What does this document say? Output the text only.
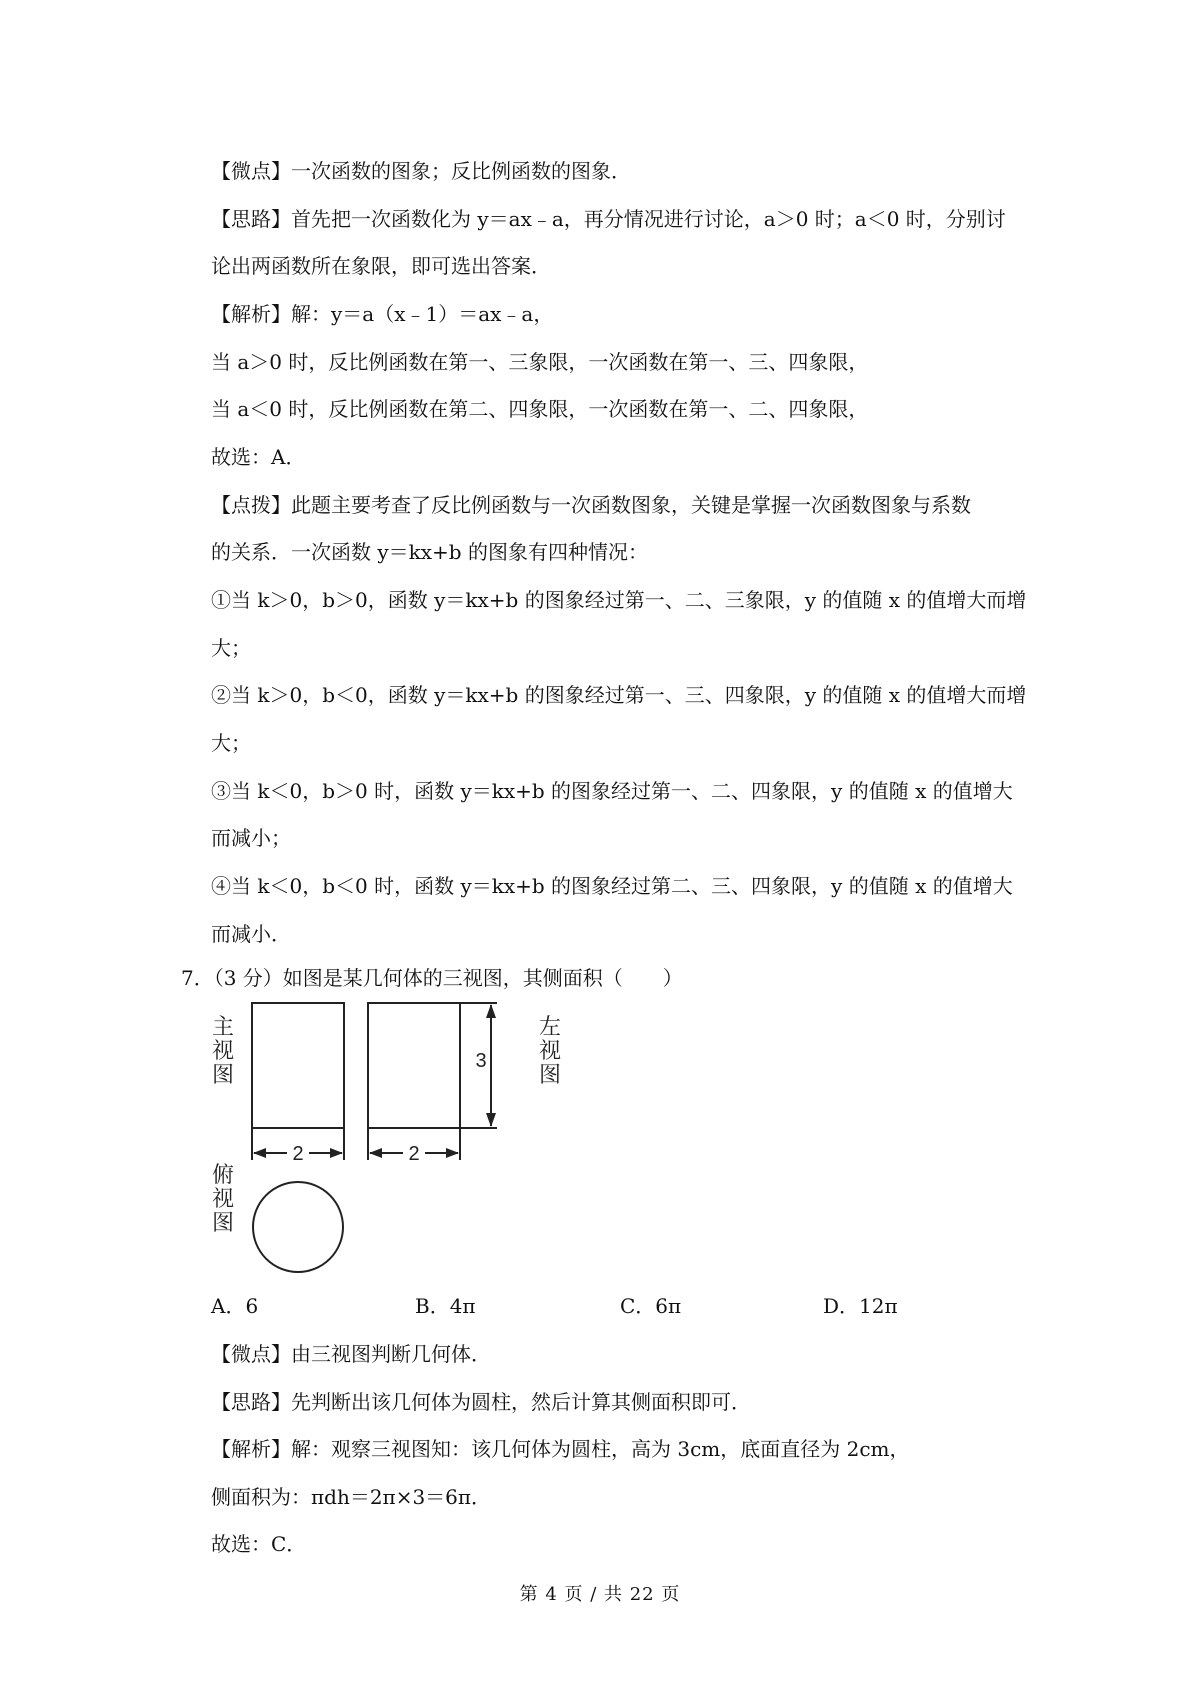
【微点】一次函数的图象；反比例函数的图象．
【思路】首先把一次函数化为 y＝ax﹣a，再分情况进行讨论，a＞0 时；a＜0 时，分别讨
论出两函数所在象限，即可选出答案．
【解析】解：y＝a（x﹣1）＝ax﹣a，
当 a＞0 时，反比例函数在第一、三象限，一次函数在第一、三、四象限，
当 a＜0 时，反比例函数在第二、四象限，一次函数在第一、二、四象限，
故选：A．
【点拨】此题主要考查了反比例函数与一次函数图象，关键是掌握一次函数图象与系数
的关系．一次函数 y＝kx+b 的图象有四种情况：
①当 k＞0，b＞0，函数 y＝kx+b 的图象经过第一、二、三象限，y 的值随 x 的值增大而增
大；
②当 k＞0，b＜0，函数 y＝kx+b 的图象经过第一、三、四象限，y 的值随 x 的值增大而增
大；
③当 k＜0，b＞0 时，函数 y＝kx+b 的图象经过第一、二、四象限，y 的值随 x 的值增大
而减小；
④当 k＜0，b＜0 时，函数 y＝kx+b 的图象经过第二、三、四象限，y 的值随 x 的值增大
而减小．
7．（3 分）如图是某几何体的三视图，其侧面积（　　）
主视图
左视图
俯视图
3
2	2
A．6	B．4π	C．6π	D．12π
【微点】由三视图判断几何体．
【思路】先判断出该几何体为圆柱，然后计算其侧面积即可．
【解析】解：观察三视图知：该几何体为圆柱，高为 3cm，底面直径为 2cm，
侧面积为：πdh＝2π×3＝6π．
故选：C．
第 4 页 / 共 22 页
